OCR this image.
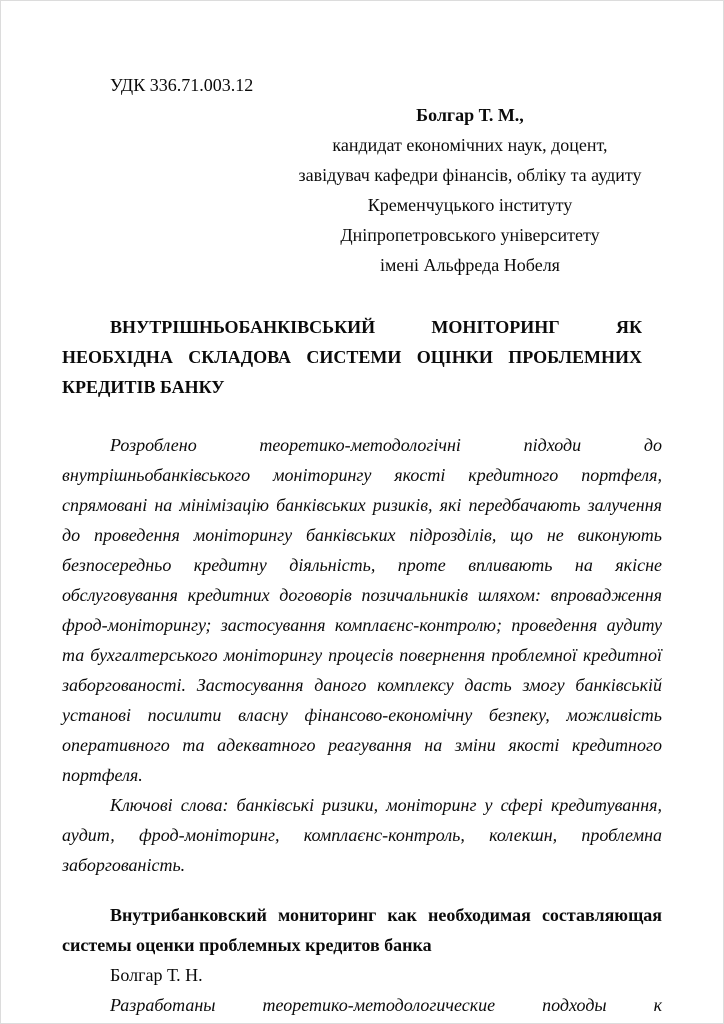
УДК 336.71.003.12

Болгар Т. М.,

кандидат економічних наук, доцент,

завідувач кафедри фінансів, обліку та аудиту

Кременчуцького інституту

Дніпропетровського університету

імені Альфреда Нобеля

ВНУТРІШНЬОБАНКІВСЬКИЙ МОНІТОРИНГ ЯК НЕОБХІДНА СКЛАДОВА СИСТЕМИ ОЦІНКИ ПРОБЛЕМНИХ КРЕДИТІВ БАНКУ

Розроблено теоретико-методологічні підходи до внутрішньобанківського моніторингу якості кредитного портфеля, спрямовані на мінімізацію банківських ризиків, які передбачають залучення до проведення моніторингу банківських підрозділів, що не виконують безпосередньо кредитну діяльність, проте впливають на якісне обслуговування кредитних договорів позичальників шляхом: впровадження фрод-моніторингу; застосування комплаєнс-контролю; проведення аудиту та бухгалтерського моніторингу процесів повернення проблемної кредитної заборгованості. Застосування даного комплексу дасть змогу банківській установі посилити власну фінансово-економічну безпеку, можливість оперативного та адекватного реагування на зміни якості кредитного портфеля.

Ключові слова: банківські ризики, моніторинг у сфері кредитування, аудит, фрод-моніторинг, комплаєнс-контроль, колекшн, проблемна заборгованість.

Внутрибанковский мониторинг как необходимая составляющая системы оценки проблемных кредитов банка

Болгар Т. Н.

Разработаны теоретико-методологические подходы к
